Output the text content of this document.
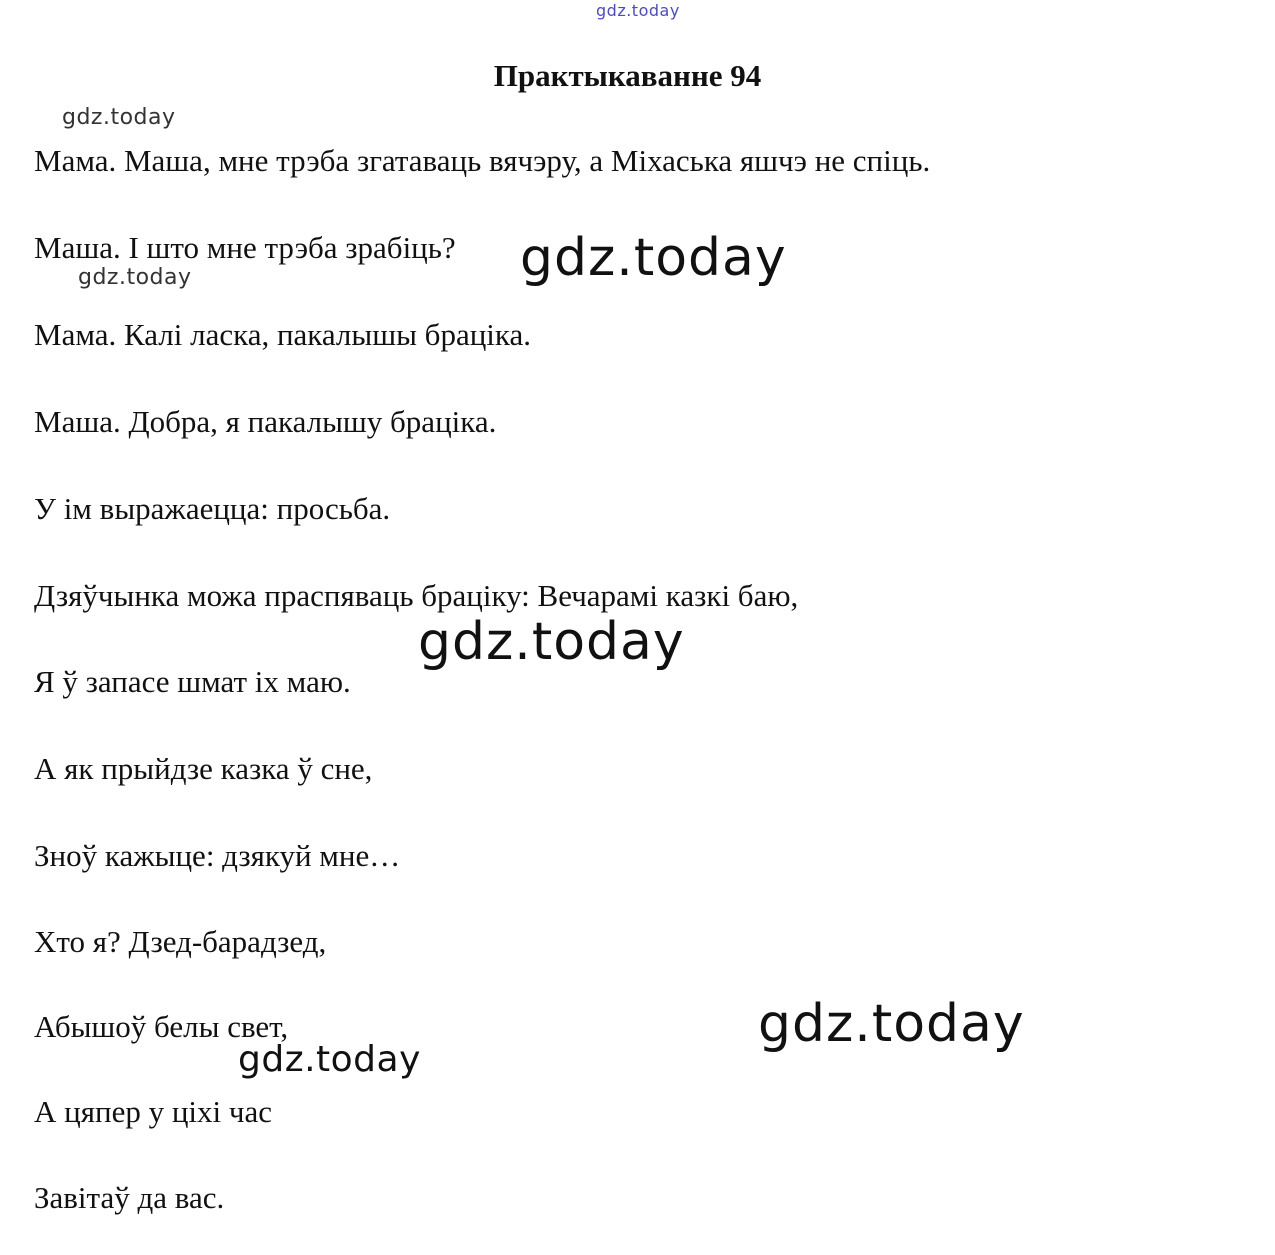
gdz.today
Практыкаванне 94
gdz.today

Мама. Маша, мне трэба згатаваць вячэру, а Міхаська яшчэ не спіць.

Маша. І што мне трэба зрабіць? gdz.today
gdz.today

Мама. Калі ласка, пакалышы брацiка.

Маша. Добра, я пакалышу брацiка.

У ім выражаецца: просьба.

Дзяўчынка можа праспяваць брацiку: Вечарамі казкі баю,

gdz.today

Я ў запасе шмат іх маю.

А як прыйдзе казка ў сне,

Зноў кажыце: дзякуй мне…

Хто я? Дзед-барадзед,

Абышоў белы свет,	gdz.today
gdz.today

А цяпер у ціхі час

Завітаў да вас.
